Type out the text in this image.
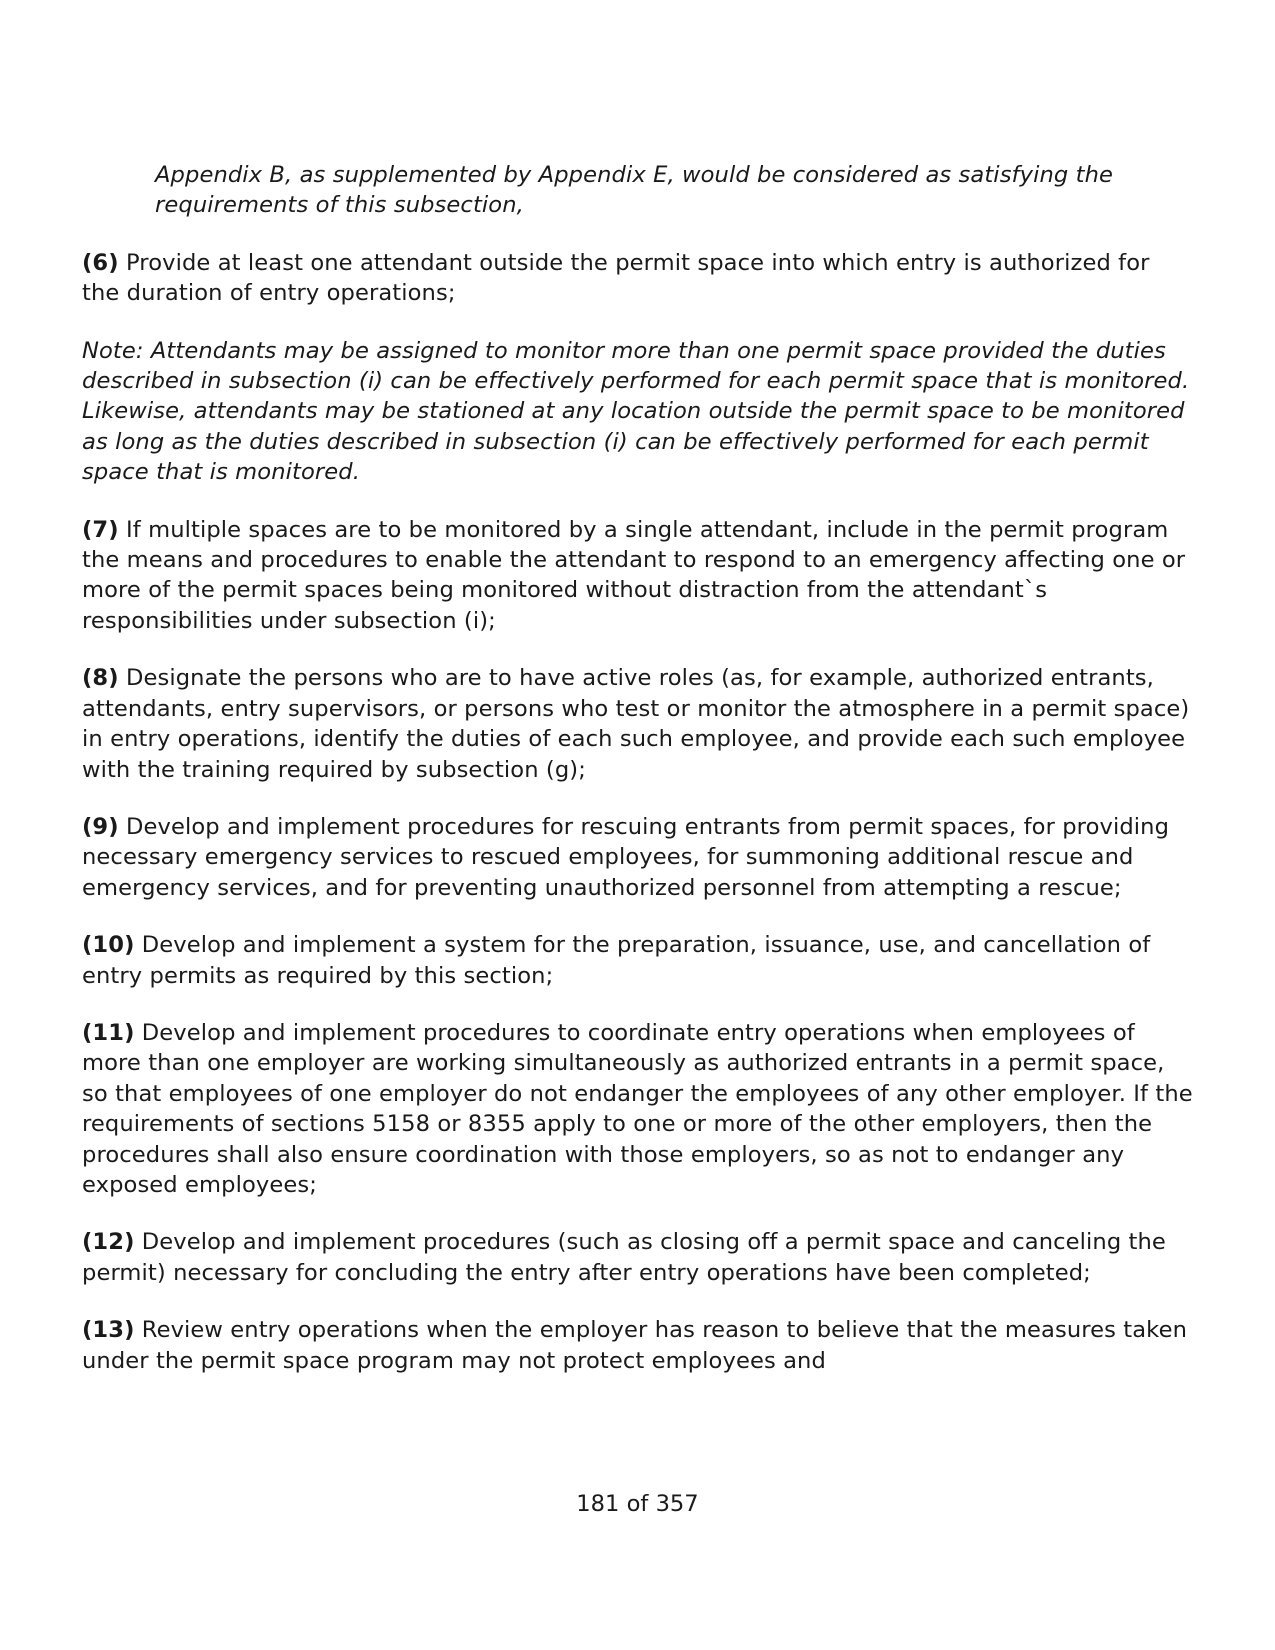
Appendix B, as supplemented by Appendix E, would be considered as satisfying the requirements of this subsection,

(6) Provide at least one attendant outside the permit space into which entry is authorized for the duration of entry operations;

Note: Attendants may be assigned to monitor more than one permit space provided the duties described in subsection (i) can be effectively performed for each permit space that is monitored. Likewise, attendants may be stationed at any location outside the permit space to be monitored as long as the duties described in subsection (i) can be effectively performed for each permit space that is monitored.

(7) If multiple spaces are to be monitored by a single attendant, include in the permit program the means and procedures to enable the attendant to respond to an emergency affecting one or more of the permit spaces being monitored without distraction from the attendant`s responsibilities under subsection (i);

(8) Designate the persons who are to have active roles (as, for example, authorized entrants, attendants, entry supervisors, or persons who test or monitor the atmosphere in a permit space) in entry operations, identify the duties of each such employee, and provide each such employee with the training required by subsection (g);

(9) Develop and implement procedures for rescuing entrants from permit spaces, for providing necessary emergency services to rescued employees, for summoning additional rescue and emergency services, and for preventing unauthorized personnel from attempting a rescue;

(10) Develop and implement a system for the preparation, issuance, use, and cancellation of entry permits as required by this section;

(11) Develop and implement procedures to coordinate entry operations when employees of more than one employer are working simultaneously as authorized entrants in a permit space, so that employees of one employer do not endanger the employees of any other employer. If the requirements of sections 5158 or 8355 apply to one or more of the other employers, then the procedures shall also ensure coordination with those employers, so as not to endanger any exposed employees;

(12) Develop and implement procedures (such as closing off a permit space and canceling the permit) necessary for concluding the entry after entry operations have been completed;

(13) Review entry operations when the employer has reason to believe that the measures taken under the permit space program may not protect employees and

181 of 357
